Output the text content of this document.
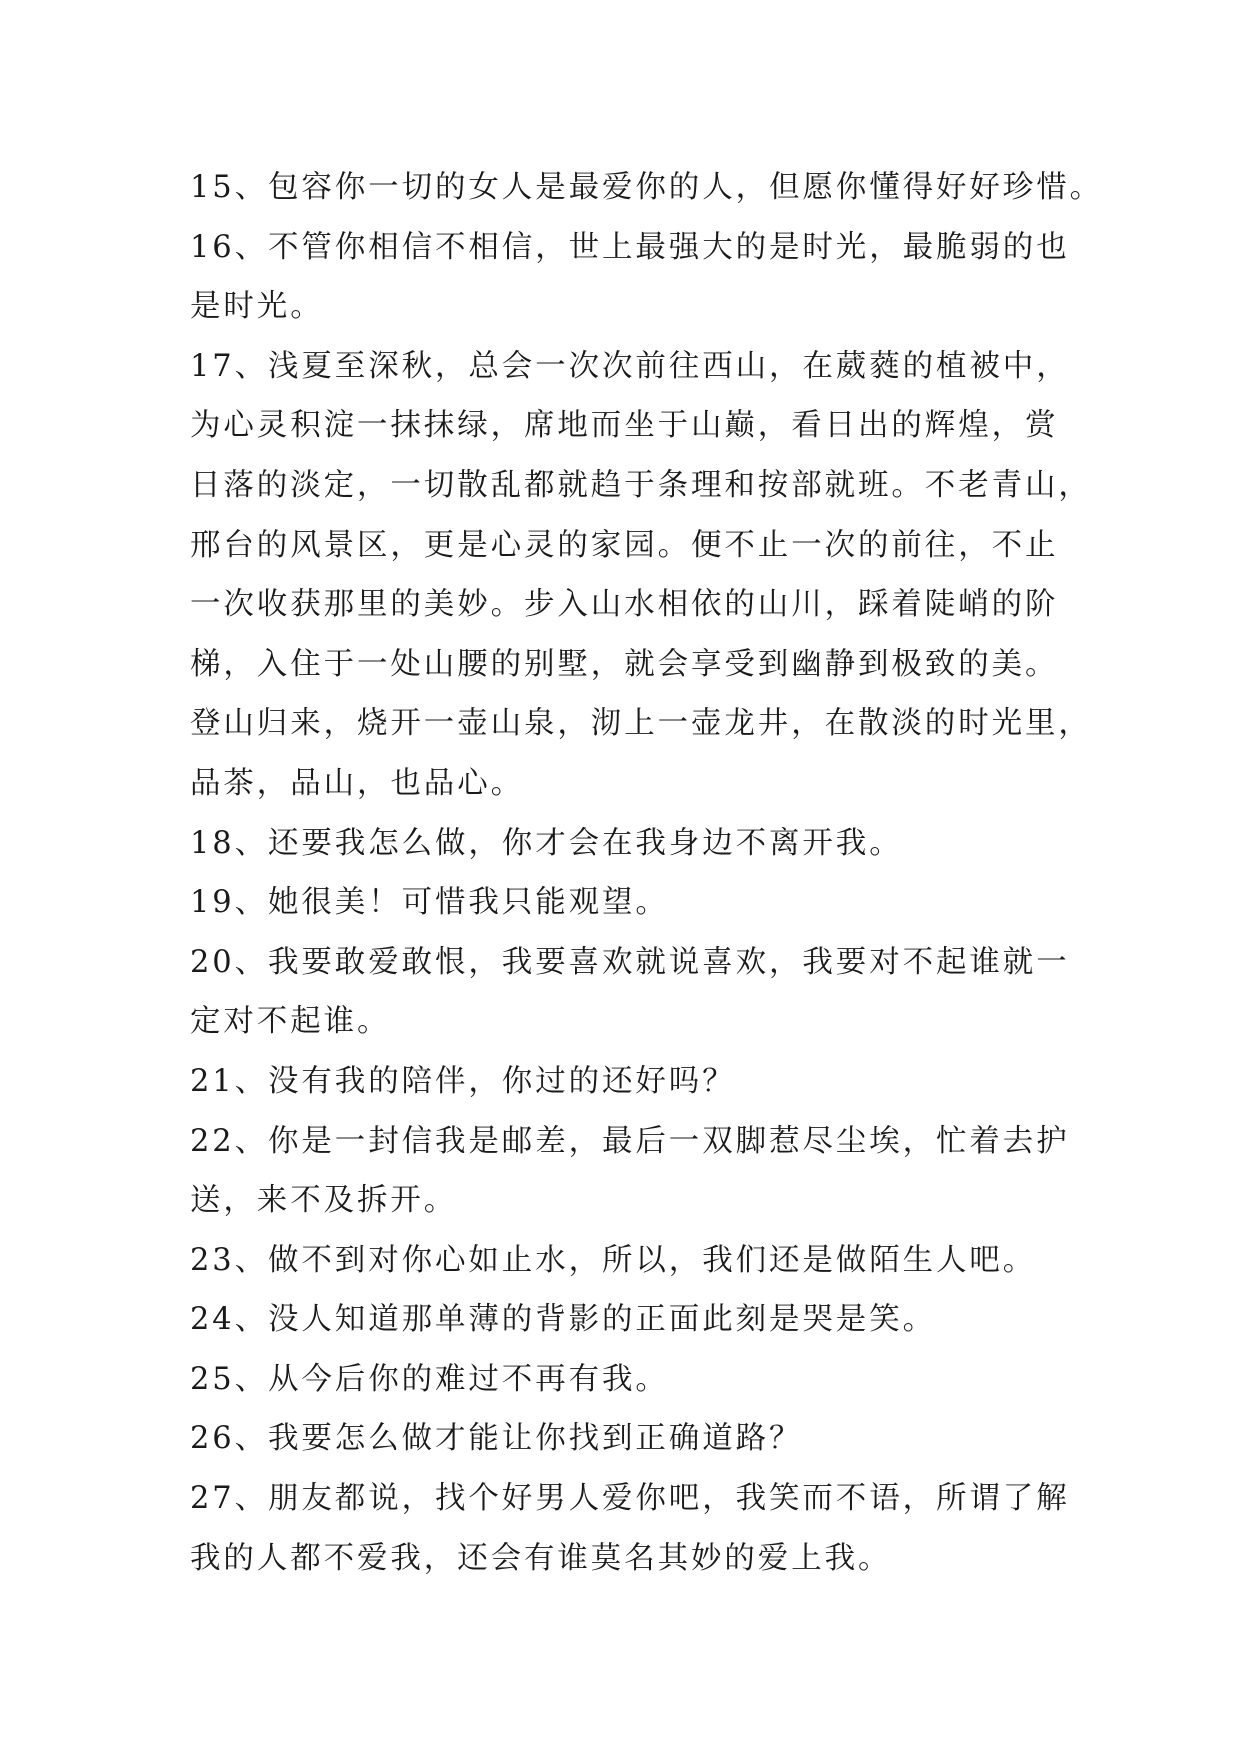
15、包容你一切的女人是最爱你的人，但愿你懂得好好珍惜。
16、不管你相信不相信，世上最强大的是时光，最脆弱的也
是时光。
17、浅夏至深秋，总会一次次前往西山，在葳蕤的植被中，
为心灵积淀一抹抹绿，席地而坐于山巅，看日出的辉煌，赏
日落的淡定，一切散乱都就趋于条理和按部就班。不老青山，
邢台的风景区，更是心灵的家园。便不止一次的前往，不止
一次收获那里的美妙。步入山水相依的山川，踩着陡峭的阶
梯，入住于一处山腰的别墅，就会享受到幽静到极致的美。
登山归来，烧开一壶山泉，沏上一壶龙井，在散淡的时光里，
品茶，品山，也品心。
18、还要我怎么做，你才会在我身边不离开我。
19、她很美！可惜我只能观望。
20、我要敢爱敢恨，我要喜欢就说喜欢，我要对不起谁就一
定对不起谁。
21、没有我的陪伴，你过的还好吗？
22、你是一封信我是邮差，最后一双脚惹尽尘埃，忙着去护
送，来不及拆开。
23、做不到对你心如止水，所以，我们还是做陌生人吧。
24、没人知道那单薄的背影的正面此刻是哭是笑。
25、从今后你的难过不再有我。
26、我要怎么做才能让你找到正确道路？
27、朋友都说，找个好男人爱你吧，我笑而不语，所谓了解
我的人都不爱我，还会有谁莫名其妙的爱上我。
